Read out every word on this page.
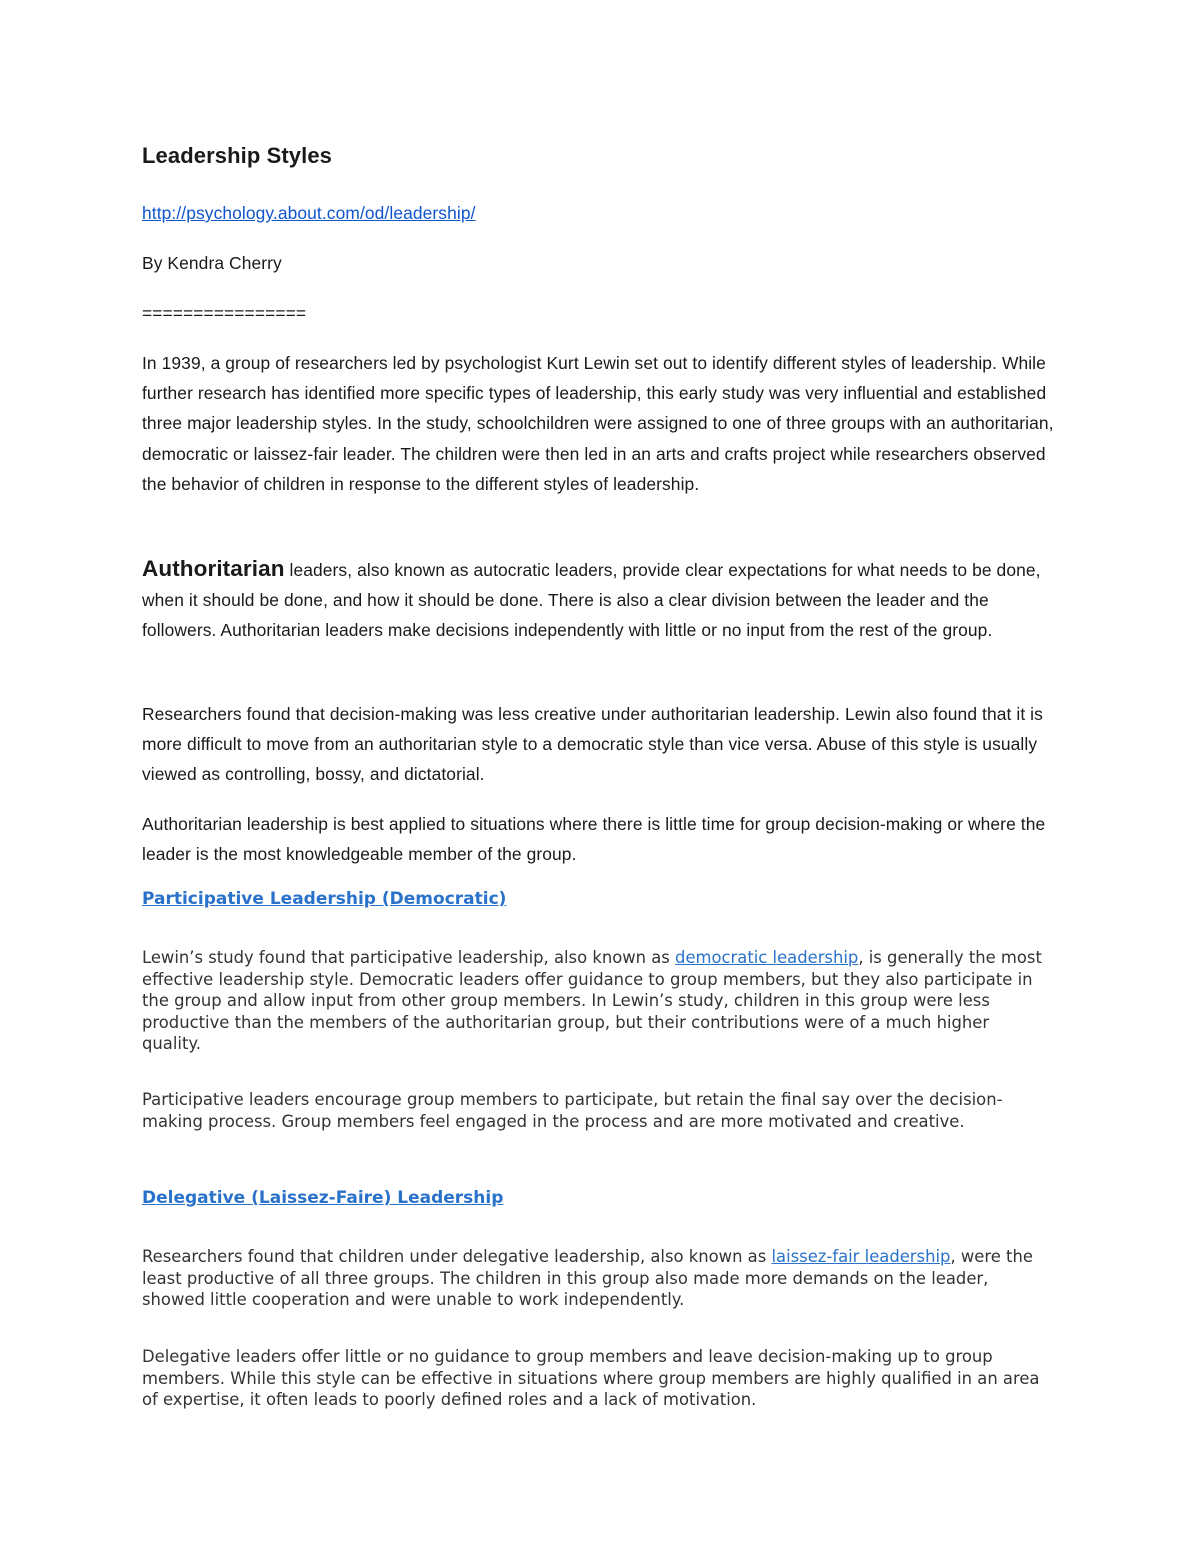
Leadership Styles
http://psychology.about.com/od/leadership/
By Kendra Cherry
================

In 1939, a group of researchers led by psychologist Kurt Lewin set out to identify different styles of leadership. While further research has identified more specific types of leadership, this early study was very influential and established three major leadership styles. In the study, schoolchildren were assigned to one of three groups with an authoritarian, democratic or laissez-fair leader. The children were then led in an arts and crafts project while researchers observed the behavior of children in response to the different styles of leadership.

Authoritarian leaders, also known as autocratic leaders, provide clear expectations for what needs to be done, when it should be done, and how it should be done. There is also a clear division between the leader and the followers. Authoritarian leaders make decisions independently with little or no input from the rest of the group.

Researchers found that decision-making was less creative under authoritarian leadership. Lewin also found that it is more difficult to move from an authoritarian style to a democratic style than vice versa. Abuse of this style is usually viewed as controlling, bossy, and dictatorial.

Authoritarian leadership is best applied to situations where there is little time for group decision-making or where the leader is the most knowledgeable member of the group.

Participative Leadership (Democratic)

Lewin’s study found that participative leadership, also known as democratic leadership, is generally the most effective leadership style. Democratic leaders offer guidance to group members, but they also participate in the group and allow input from other group members. In Lewin’s study, children in this group were less productive than the members of the authoritarian group, but their contributions were of a much higher quality.

Participative leaders encourage group members to participate, but retain the final say over the decision-making process. Group members feel engaged in the process and are more motivated and creative.

Delegative (Laissez-Faire) Leadership

Researchers found that children under delegative leadership, also known as laissez-fair leadership, were the least productive of all three groups. The children in this group also made more demands on the leader, showed little cooperation and were unable to work independently.

Delegative leaders offer little or no guidance to group members and leave decision-making up to group members. While this style can be effective in situations where group members are highly qualified in an area of expertise, it often leads to poorly defined roles and a lack of motivation.
